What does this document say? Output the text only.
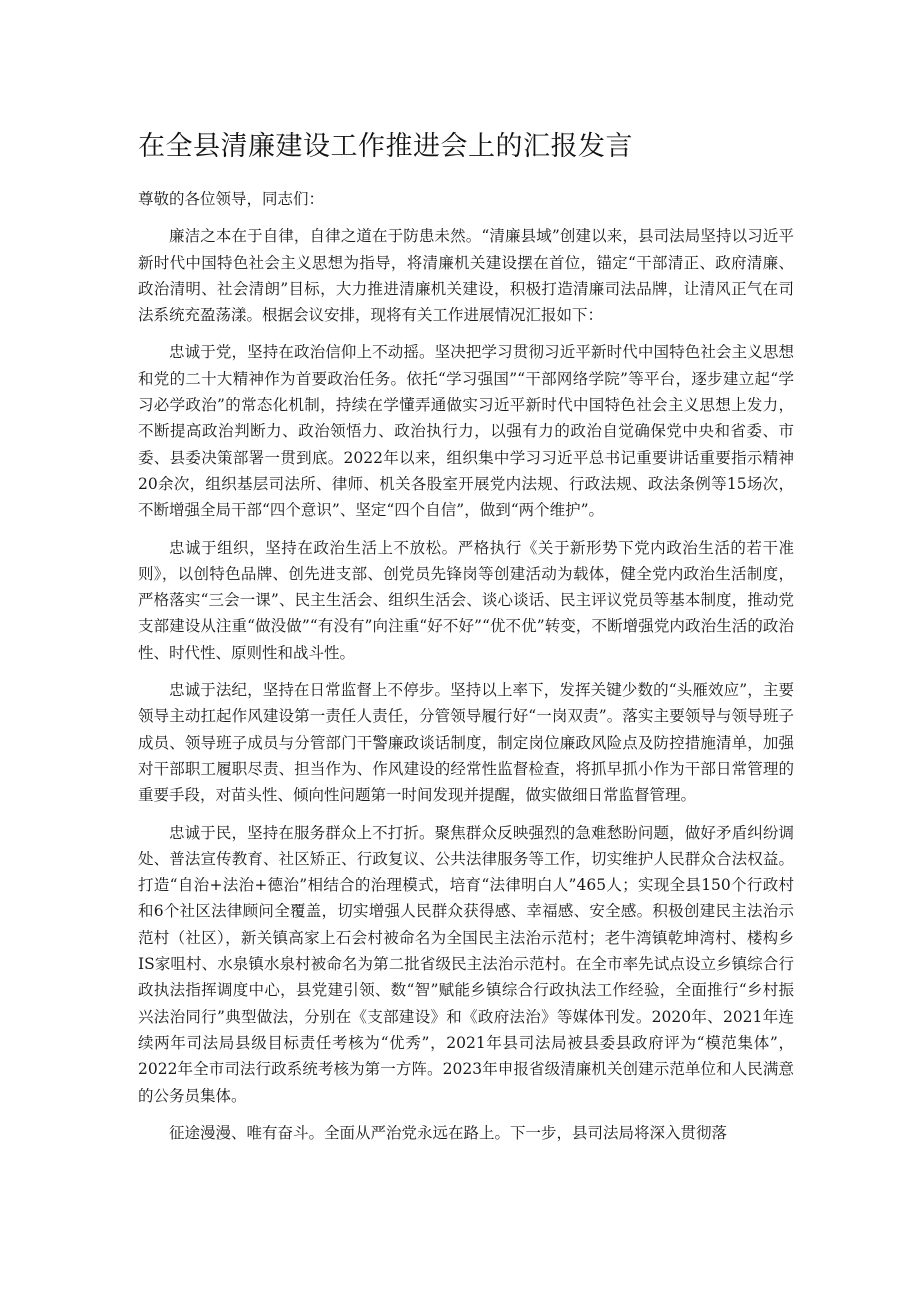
在全县清廉建设工作推进会上的汇报发言

尊敬的各位领导，同志们：

廉洁之本在于自律，自律之道在于防患未然。“清廉县域”创建以来，县司法局坚持以习近平新时代中国特色社会主义思想为指导，将清廉机关建设摆在首位，锚定“干部清正、政府清廉、政治清明、社会清朗”目标，大力推进清廉机关建设，积极打造清廉司法品牌，让清风正气在司法系统充盈荡漾。根据会议安排，现将有关工作进展情况汇报如下：

忠诚于党，坚持在政治信仰上不动摇。坚决把学习贯彻习近平新时代中国特色社会主义思想和党的二十大精神作为首要政治任务。依托“学习强国”“干部网络学院”等平台，逐步建立起“学习必学政治”的常态化机制，持续在学懂弄通做实习近平新时代中国特色社会主义思想上发力，不断提高政治判断力、政治领悟力、政治执行力，以强有力的政治自觉确保党中央和省委、市委、县委决策部署一贯到底。2022年以来，组织集中学习习近平总书记重要讲话重要指示精神20余次，组织基层司法所、律师、机关各股室开展党内法规、行政法规、政法条例等15场次，不断增强全局干部“四个意识”、坚定“四个自信”，做到“两个维护”。

忠诚于组织，坚持在政治生活上不放松。严格执行《关于新形势下党内政治生活的若干准则》，以创特色品牌、创先进支部、创党员先锋岗等创建活动为载体，健全党内政治生活制度，严格落实“三会一课”、民主生活会、组织生活会、谈心谈话、民主评议党员等基本制度，推动党支部建设从注重“做没做”“有没有”向注重“好不好”“优不优”转变，不断增强党内政治生活的政治性、时代性、原则性和战斗性。

忠诚于法纪，坚持在日常监督上不停步。坚持以上率下，发挥关键少数的“头雁效应”，主要领导主动扛起作风建设第一责任人责任，分管领导履行好“一岗双责”。落实主要领导与领导班子成员、领导班子成员与分管部门干警廉政谈话制度，制定岗位廉政风险点及防控措施清单，加强对干部职工履职尽责、担当作为、作风建设的经常性监督检查，将抓早抓小作为干部日常管理的重要手段，对苗头性、倾向性问题第一时间发现并提醒，做实做细日常监督管理。

忠诚于民，坚持在服务群众上不打折。聚焦群众反映强烈的急难愁盼问题，做好矛盾纠纷调处、普法宣传教育、社区矫正、行政复议、公共法律服务等工作，切实维护人民群众合法权益。打造“自治+法治+德治”相结合的治理模式，培育“法律明白人”465人；实现全县150个行政村和6个社区法律顾问全覆盖，切实增强人民群众获得感、幸福感、安全感。积极创建民主法治示范村（社区），新关镇高家上石会村被命名为全国民主法治示范村；老牛湾镇乾坤湾村、楼构乡IS家咀村、水泉镇水泉村被命名为第二批省级民主法治示范村。在全市率先试点设立乡镇综合行政执法指挥调度中心，县党建引领、数“智”赋能乡镇综合行政执法工作经验，全面推行“乡村振兴法治同行”典型做法，分别在《支部建设》和《政府法治》等媒体刊发。2020年、2021年连续两年司法局县级目标责任考核为“优秀”，2021年县司法局被县委县政府评为“模范集体”，2022年全市司法行政系统考核为第一方阵。2023年申报省级清廉机关创建示范单位和人民满意的公务员集体。

征途漫漫、唯有奋斗。全面从严治党永远在路上。下一步，县司法局将深入贯彻落
